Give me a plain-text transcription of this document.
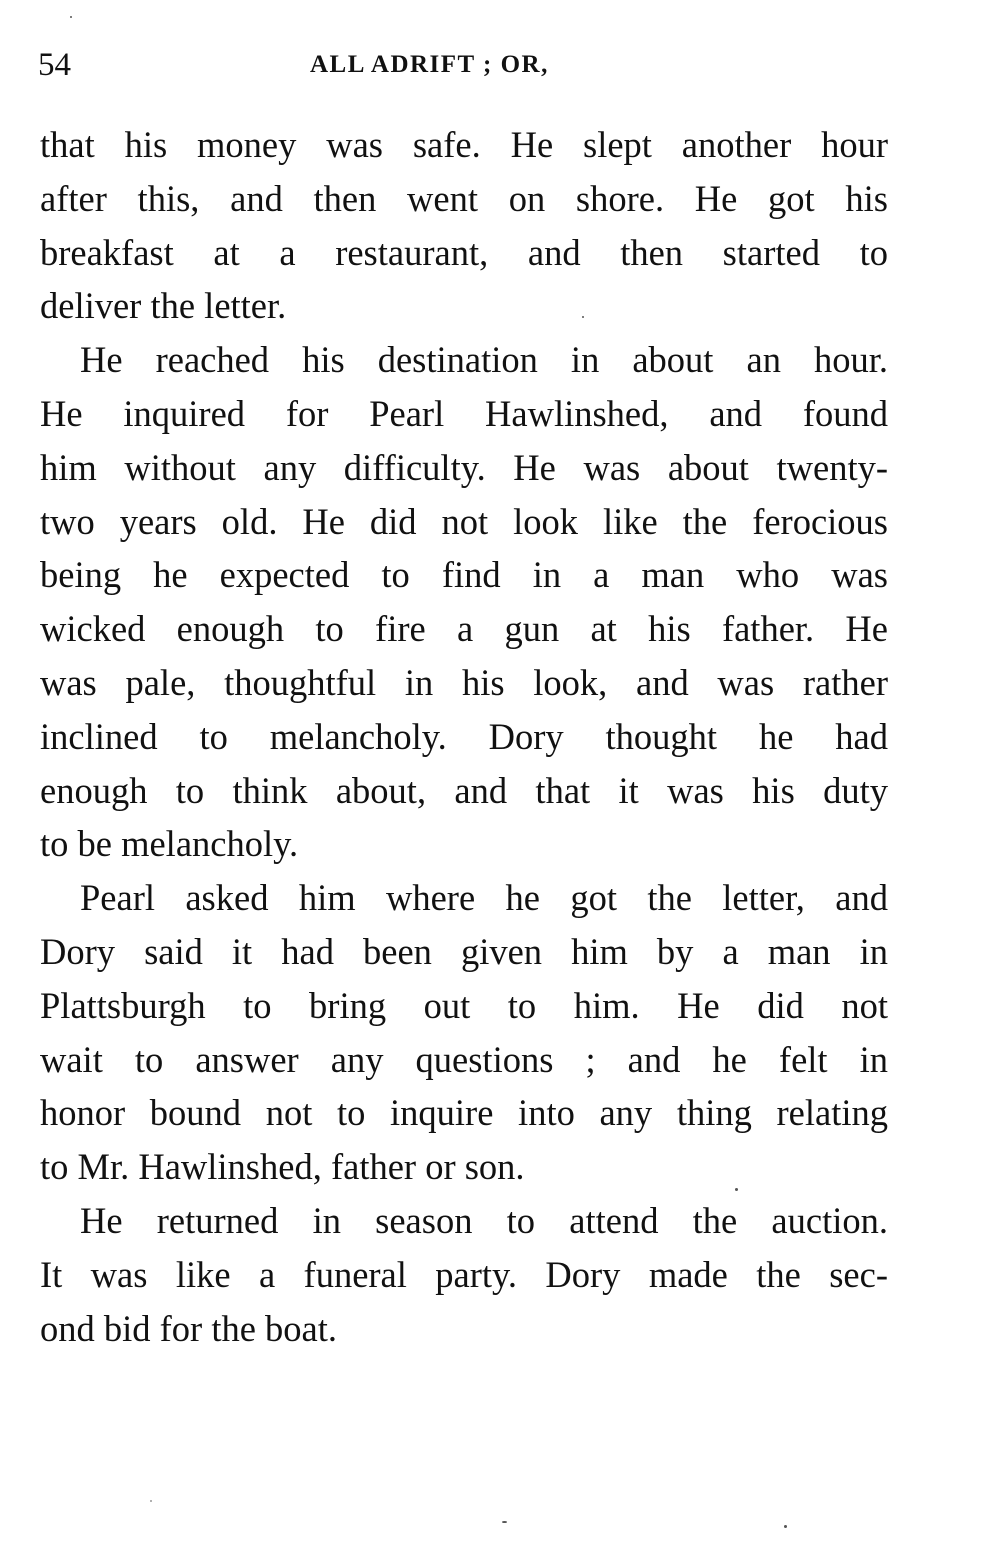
54	ALL ADRIFT ; OR,
that his money was safe. He slept another hour
after this, and then went on shore. He got his
breakfast at a restaurant, and then started to
deliver the letter.
He reached his destination in about an hour.
He inquired for Pearl Hawlinshed, and found
him without any difficulty. He was about twenty-
two years old. He did not look like the ferocious
being he expected to find in a man who was
wicked enough to fire a gun at his father. He
was pale, thoughtful in his look, and was rather
inclined to melancholy. Dory thought he had
enough to think about, and that it was his duty
to be melancholy.
Pearl asked him where he got the letter, and
Dory said it had been given him by a man in
Plattsburgh to bring out to him. He did not
wait to answer any questions ; and he felt in
honor bound not to inquire into any thing relating
to Mr. Hawlinshed, father or son.
He returned in season to attend the auction.
It was like a funeral party. Dory made the sec-
ond bid for the boat.
